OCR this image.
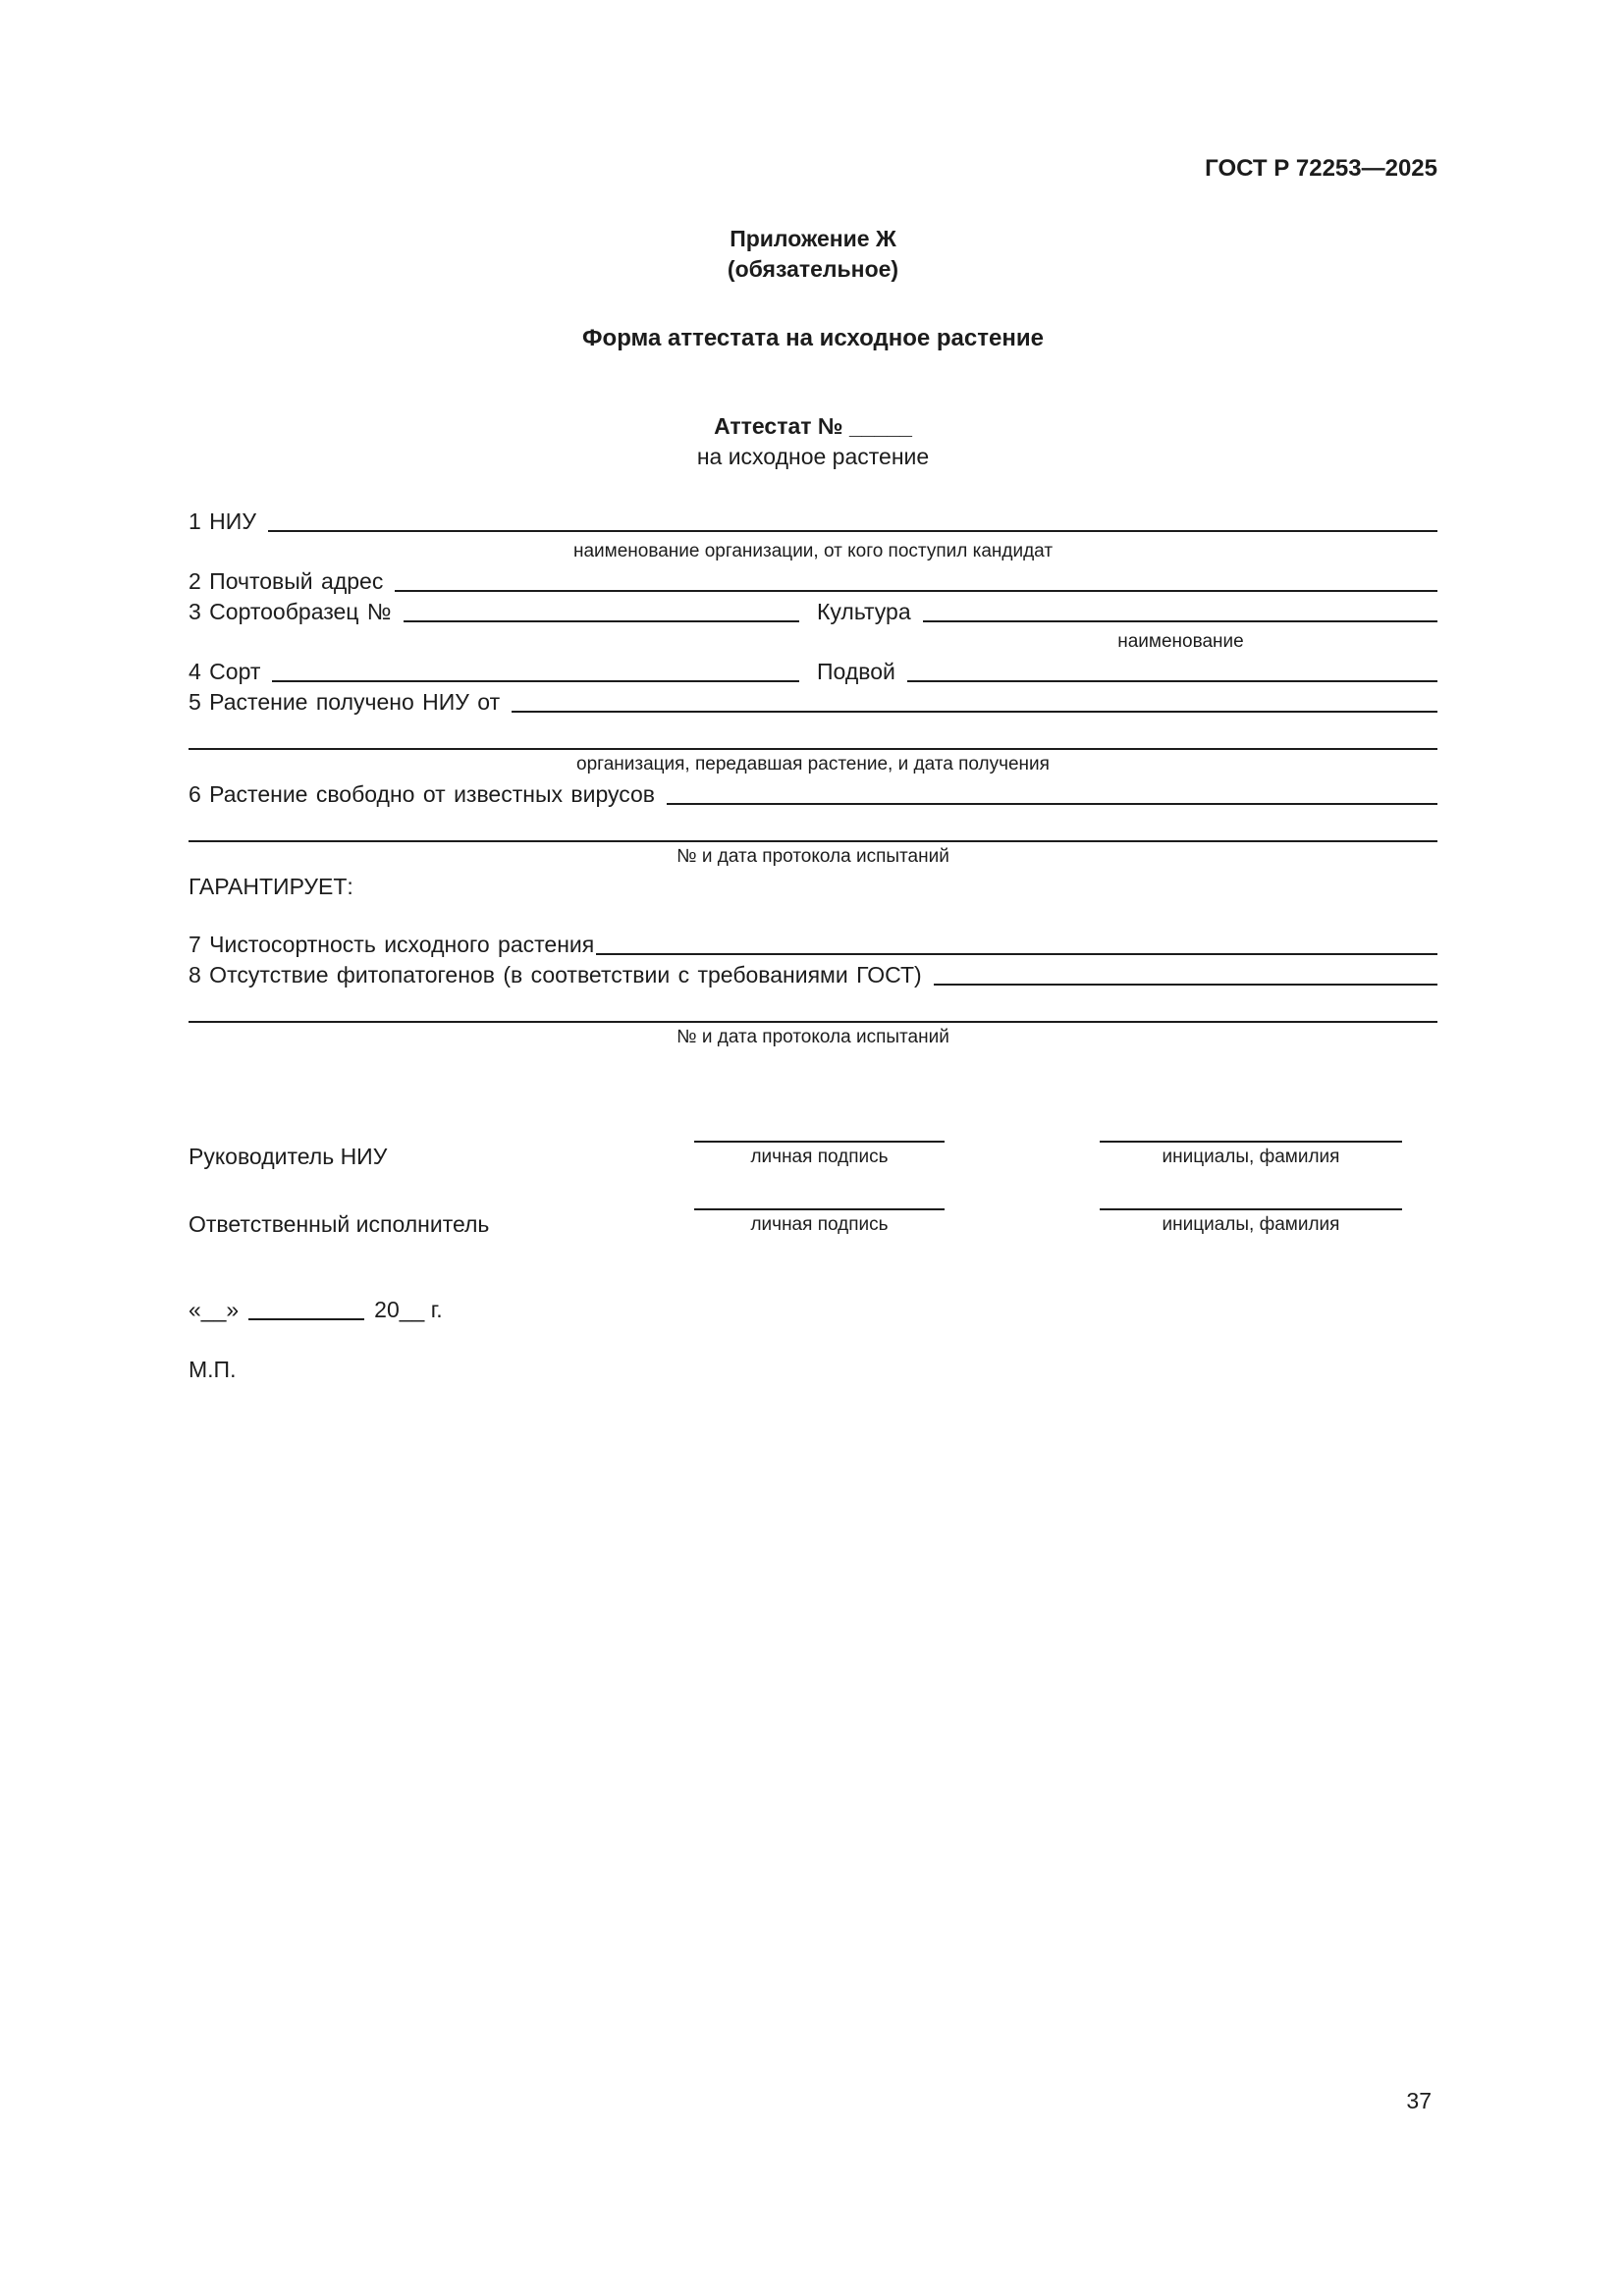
ГОСТ Р 72253—2025
Приложение Ж
(обязательное)
Форма аттестата на исходное растение
Аттестат № _____
на исходное растение
1 НИУ
наименование организации, от кого поступил кандидат
2 Почтовый адрес
3 Сортообразец №	Культура
наименование
4 Сорт	Подвой
5 Растение получено НИУ от
организация, передавшая растение, и дата получения
6 Растение свободно от известных вирусов
№ и дата протокола испытаний
ГАРАНТИРУЕТ:
7 Чистосортность исходного растения
8 Отсутствие фитопатогенов (в соответствии с требованиями ГОСТ)
№ и дата протокола испытаний
Руководитель НИУ	личная подпись	инициалы, фамилия
Ответственный исполнитель	личная подпись	инициалы, фамилия
«__»	20__ г.
М.П.
37
